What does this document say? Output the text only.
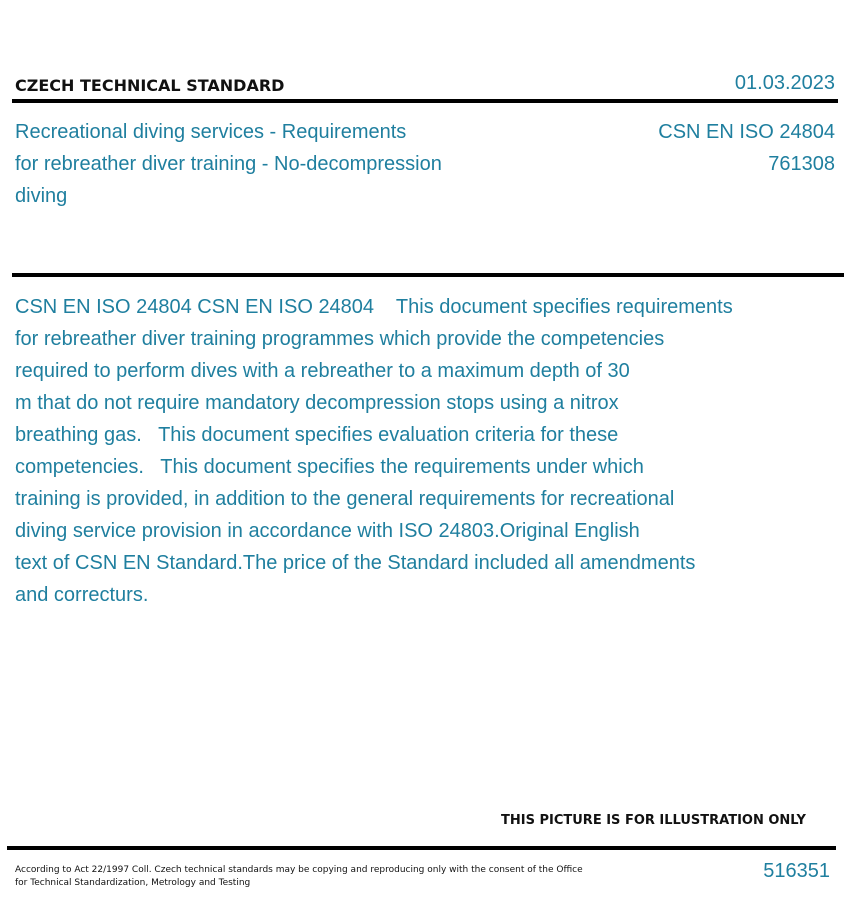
CZECH TECHNICAL STANDARD	01.03.2023
Recreational diving services - Requirements
for rebreather diver training - No-decompression
diving
CSN EN ISO 24804
761308
CSN EN ISO 24804 CSN EN ISO 24804    This document specifies requirements
for rebreather diver training programmes which provide the competencies
required to perform dives with a rebreather to a maximum depth of 30
m that do not require mandatory decompression stops using a nitrox
breathing gas.   This document specifies evaluation criteria for these
competencies.   This document specifies the requirements under which
training is provided, in addition to the general requirements for recreational
diving service provision in accordance with ISO 24803.Original English
text of CSN EN Standard.The price of the Standard included all amendments
and correcturs.
THIS PICTURE IS FOR ILLUSTRATION ONLY
According to Act 22/1997 Coll. Czech technical standards may be copying and reproducing only with the consent of the Office
for Technical Standardization, Metrology and Testing
516351
